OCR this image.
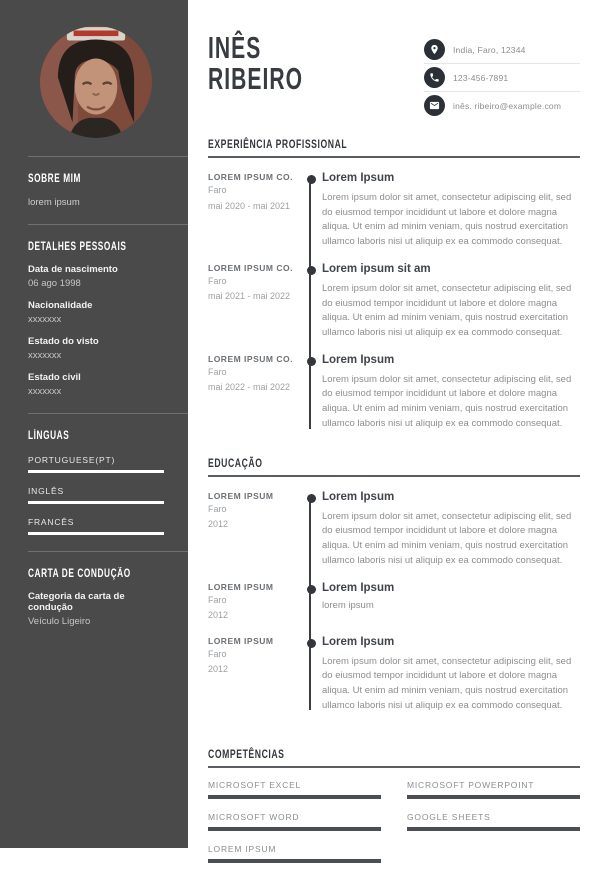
SOBRE MIM
lorem ipsum
DETALHES PESSOAIS
Data de nascimento
06 ago 1998
Nacionalidade
xxxxxxx
Estado do visto
xxxxxxx
Estado civil
xxxxxxx
LÍNGUAS
PORTUGUESE(PT)
INGLÊS
FRANCÊS
CARTA DE CONDUÇÃO
Categoria da carta de condução
Veículo Ligeiro
INÊS
RIBEIRO
India, Faro, 12344
123-456-7891
inês. ribeiro@example.com
EXPERIÊNCIA PROFISSIONAL
LOREM IPSUM CO.
Faro
mai 2020 - mai 2021
Lorem Ipsum
Lorem ipsum dolor sit amet, consectetur adipiscing elit, sed do eiusmod tempor incididunt ut labore et dolore magna aliqua. Ut enim ad minim veniam, quis nostrud exercitation ullamco laboris nisi ut aliquip ex ea commodo consequat.
LOREM IPSUM CO.
Faro
mai 2021 - mai 2022
Lorem ipsum sit am
Lorem ipsum dolor sit amet, consectetur adipiscing elit, sed do eiusmod tempor incididunt ut labore et dolore magna aliqua. Ut enim ad minim veniam, quis nostrud exercitation ullamco laboris nisi ut aliquip ex ea commodo consequat.
LOREM IPSUM CO.
Faro
mai 2022 - mai 2022
Lorem Ipsum
Lorem ipsum dolor sit amet, consectetur adipiscing elit, sed do eiusmod tempor incididunt ut labore et dolore magna aliqua. Ut enim ad minim veniam, quis nostrud exercitation ullamco laboris nisi ut aliquip ex ea commodo consequat.
EDUCAÇÃO
LOREM IPSUM
Faro
2012
Lorem Ipsum
Lorem ipsum dolor sit amet, consectetur adipiscing elit, sed do eiusmod tempor incididunt ut labore et dolore magna aliqua. Ut enim ad minim veniam, quis nostrud exercitation ullamco laboris nisi ut aliquip ex ea commodo consequat.
LOREM IPSUM
Faro
2012
Lorem Ipsum
lorem ipsum
LOREM IPSUM
Faro
2012
Lorem Ipsum
Lorem ipsum dolor sit amet, consectetur adipiscing elit, sed do eiusmod tempor incididunt ut labore et dolore magna aliqua. Ut enim ad minim veniam, quis nostrud exercitation ullamco laboris nisi ut aliquip ex ea commodo consequat.
COMPETÊNCIAS
MICROSOFT EXCEL
MICROSOFT WORD
LOREM IPSUM
MICROSOFT POWERPOINT
GOOGLE SHEETS
